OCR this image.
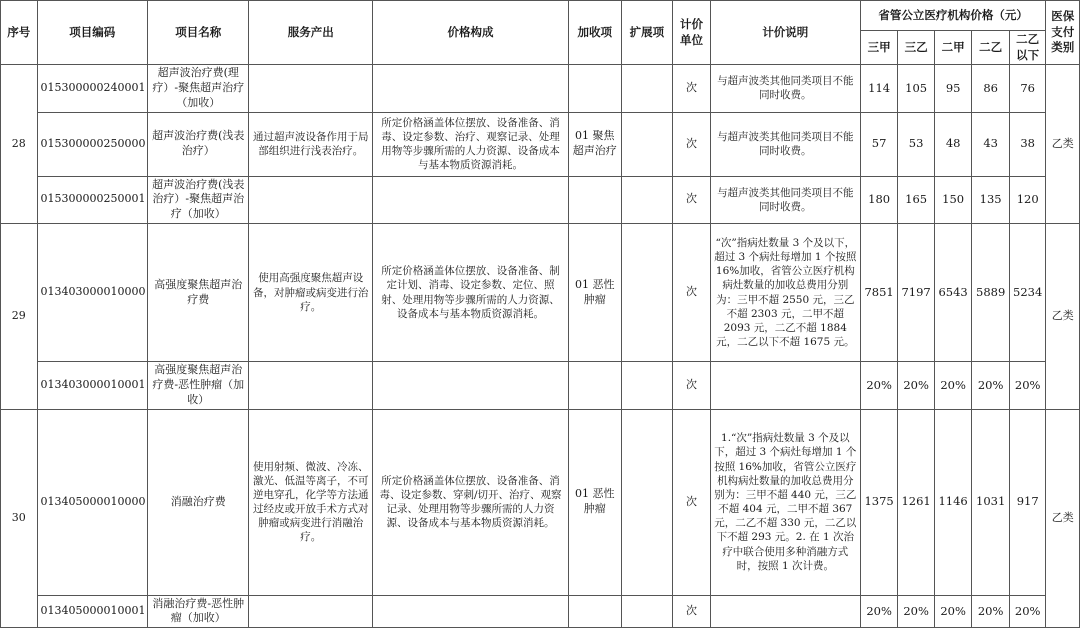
序号	项目编码	项目名称	服务产出	价格构成	加收项	扩展项	计价单位	计价说明	省管公立医疗机构价格（元）					医保支付类别
									三甲	三乙	二甲	二乙	二乙以下	
28	015300000240001	超声波治疗费(理疗）-聚焦超声治疗（加收）					次	与超声波类其他同类项目不能同时收费。	114	105	95	86	76	乙类
	015300000250000	超声波治疗费(浅表治疗）	通过超声波设备作用于局部组织进行浅表治疗。	所定价格涵盖体位摆放、设备准备、消毒、设定参数、治疗、观察记录、处理用物等步骤所需的人力资源、设备成本与基本物质资源消耗。	01 聚焦超声治疗		次	与超声波类其他同类项目不能同时收费。	57	53	48	43	38	
	015300000250001	超声波治疗费(浅表治疗）-聚焦超声治疗（加收）					次	与超声波类其他同类项目不能同时收费。	180	165	150	135	120	
29	013403000010000	高强度聚焦超声治疗费	使用高强度聚焦超声设备，对肿瘤或病变进行治疗。	所定价格涵盖体位摆放、设备准备、制定计划、消毒、设定参数、定位、照射、处理用物等步骤所需的人力资源、设备成本与基本物质资源消耗。	01 恶性肿瘤		次	“次”指病灶数量 3 个及以下，超过 3 个病灶每增加 1 个按照 16%加收，省管公立医疗机构病灶数量的加收总费用分别为：三甲不超 2550 元，三乙不超 2303 元，二甲不超 2093 元，二乙不超 1884 元，二乙以下不超 1675 元。	7851	7197	6543	5889	5234	乙类
	013403000010001	高强度聚焦超声治疗费-恶性肿瘤（加收）					次		20%	20%	20%	20%	20%	
30	013405000010000	消融治疗费	使用射频、微波、冷冻、激光、低温等离子，不可逆电穿孔，化学等方法通过经皮或开放手术方式对肿瘤或病变进行消融治疗。	所定价格涵盖体位摆放、设备准备、消毒、设定参数、穿刺/切开、治疗、观察记录、处理用物等步骤所需的人力资源、设备成本与基本物质资源消耗。	01 恶性肿瘤		次	1.“次”指病灶数量 3 个及以下，超过 3 个病灶每增加 1 个按照 16%加收，省管公立医疗机构病灶数量的加收总费用分别为：三甲不超 440 元，三乙不超 404 元，二甲不超 367 元，二乙不超 330 元，二乙以下不超 293 元。2. 在 1 次治疗中联合使用多种消融方式时，按照 1 次计费。	1375	1261	1146	1031	917	乙类
	013405000010001	消融治疗费-恶性肿瘤（加收）					次		20%	20%	20%	20%	20%	
